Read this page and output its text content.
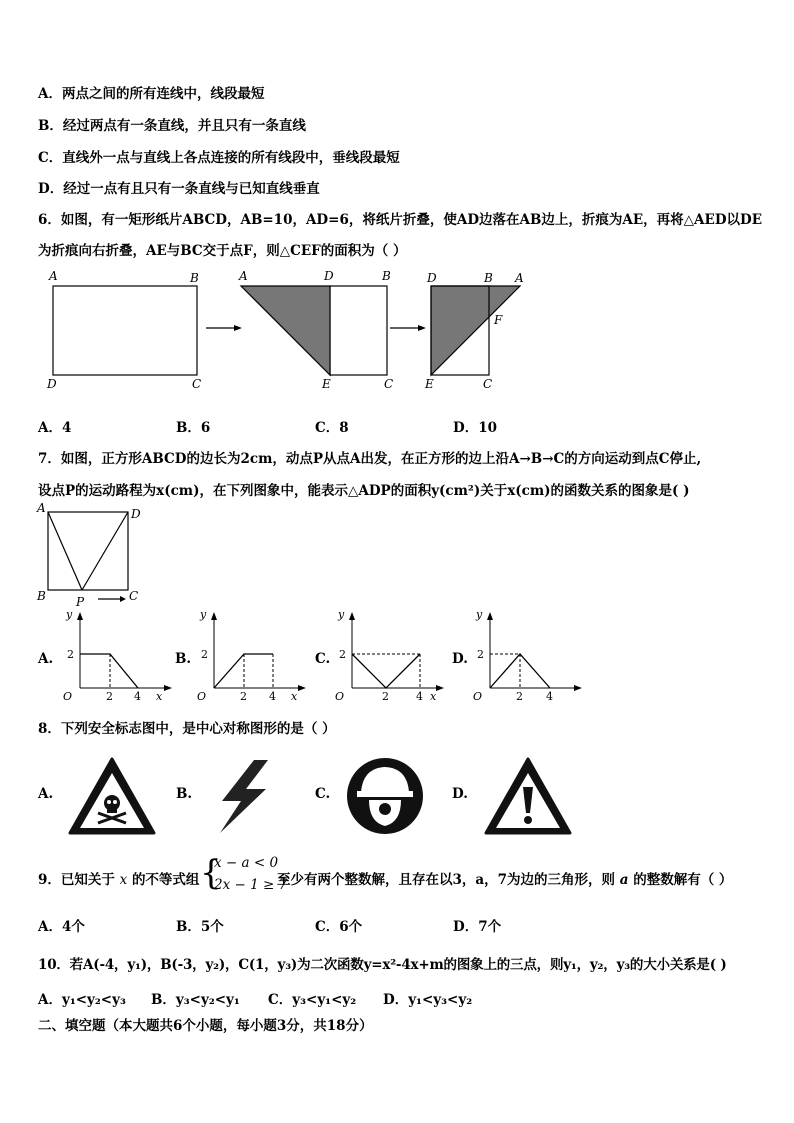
A．两点之间的所有连线中，线段最短
B．经过两点有一条直线，并且只有一条直线
C．直线外一点与直线上各点连接的所有线段中，垂线段最短
D．经过一点有且只有一条直线与已知直线垂直
6．如图，有一矩形纸片ABCD，AB=10，AD=6，将纸片折叠，使AD边落在AB边上，折痕为AE，再将△AED以DE
为折痕向右折叠，AE与BC交于点F，则△CEF的面积为（ ）
A	B
D	C
A	D	B
E	C
D	B A
F
E	C
A．4	B．6	C．8	D．10
7．如图，正方形ABCD的边长为2cm，动点P从点A出发，在正方形的边上沿A→B→C的方向运动到点C停止,
设点P的运动路程为x(cm)，在下列图象中，能表示△ADP的面积y(cm²)关于x(cm)的函数关系的图象是( )
A	D
B	P	C
A.	B.	C.	D.
y
2
O	2 4 x
y
2
O	2 4 x
y
2
O	2 4 x
y
2
O	2 4
8．下列安全标志图中，是中心对称图形的是（ ）
A.	B.	C.	D.
9．已知关于 x 的不等式组 {
x − a < 0
2x − 1 ≥ 7
至少有两个整数解，且存在以3，a，7为边的三角形，则 a 的整数解有（ ）
A．4个	B．5个	C．6个	D．7个
10．若A(-4，y₁)，B(-3，y₂)，C(1，y₃)为二次函数y=x²-4x+m的图象上的三点，则y₁，y₂，y₃的大小关系是( )
A．y₁<y₂<y₃ B．y₃<y₂<y₁ C．y₃<y₁<y₂ D．y₁<y₃<y₂
二、填空题（本大题共6个小题，每小题3分，共18分）
